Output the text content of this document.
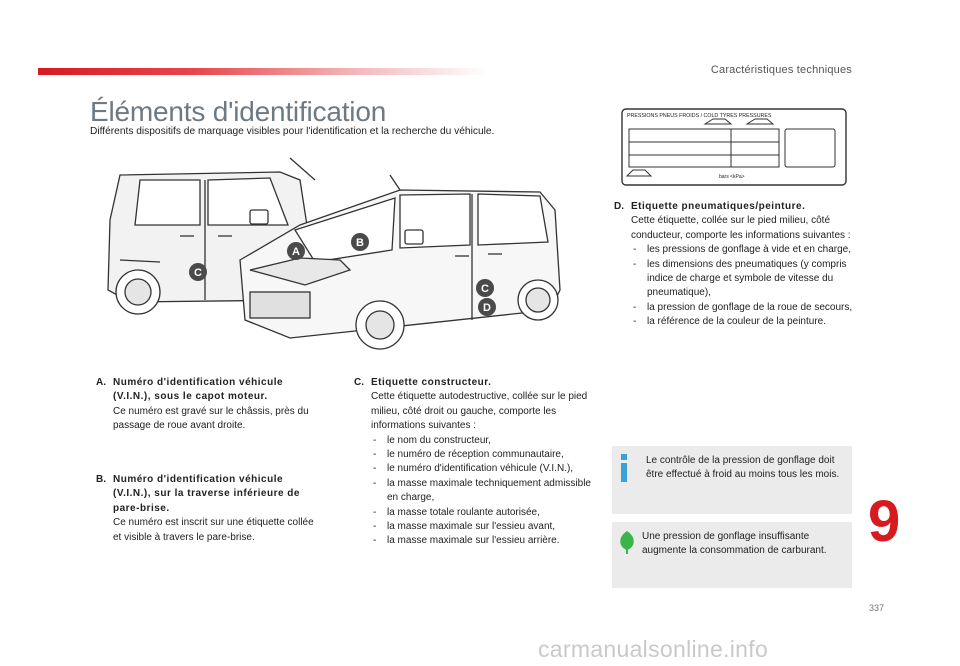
Caractéristiques techniques
Éléments d'identification
Différents dispositifs de marquage visibles pour l'identification et la recherche du véhicule.
A
B
C
C
D
PRESSIONS PNEUS FROIDS / COLD TYRES PRESSURES
bars <kPa>
A. Numéro d'identification véhicule (V.I.N.), sous le capot moteur.
Ce numéro est gravé sur le châssis, près du passage de roue avant droite.
B. Numéro d'identification véhicule (V.I.N.), sur la traverse inférieure de pare-brise.
Ce numéro est inscrit sur une étiquette collée et visible à travers le pare-brise.
C. Etiquette constructeur.
Cette étiquette autodestructive, collée sur le pied milieu, côté droit ou gauche, comporte les informations suivantes :
- le nom du constructeur,
- le numéro de réception communautaire,
- le numéro d'identification véhicule (V.I.N.),
- la masse maximale techniquement admissible en charge,
- la masse totale roulante autorisée,
- la masse maximale sur l'essieu avant,
- la masse maximale sur l'essieu arrière.
D. Etiquette pneumatiques/peinture.
Cette étiquette, collée sur le pied milieu, côté conducteur, comporte les informations suivantes :
- les pressions de gonflage à vide et en charge,
- les dimensions des pneumatiques (y compris indice de charge et symbole de vitesse du pneumatique),
- la pression de gonflage de la roue de secours,
- la référence de la couleur de la peinture.
Le contrôle de la pression de gonflage doit être effectué à froid au moins tous les mois.
Une pression de gonflage insuffisante augmente la consommation de carburant. 9
337
carmanualsonline.info
